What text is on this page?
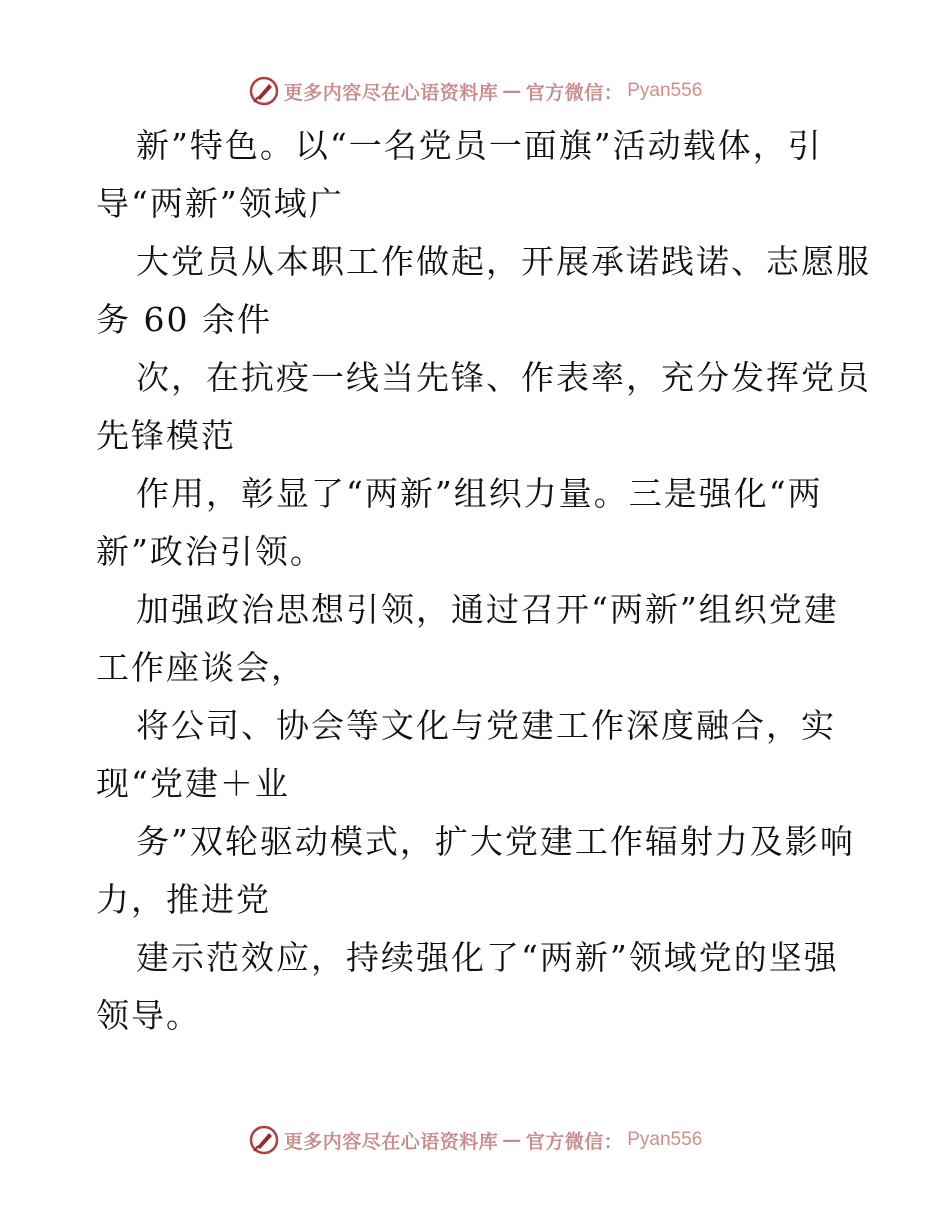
更多内容尽在心语资料库 — 官方微信： Pyan556

新”特色。以“一名党员一面旗”活动载体，引
导“两新”领域广

大党员从本职工作做起，开展承诺践诺、志愿服
务 60 余件

次，在抗疫一线当先锋、作表率，充分发挥党员
先锋模范

作用，彰显了“两新”组织力量。三是强化“两
新”政治引领。

加强政治思想引领，通过召开“两新”组织党建
工作座谈会，

将公司、协会等文化与党建工作深度融合，实
现“党建＋业

务”双轮驱动模式，扩大党建工作辐射力及影响
力，推进党

建示范效应，持续强化了“两新”领域党的坚强
领导。

更多内容尽在心语资料库 — 官方微信： Pyan556
